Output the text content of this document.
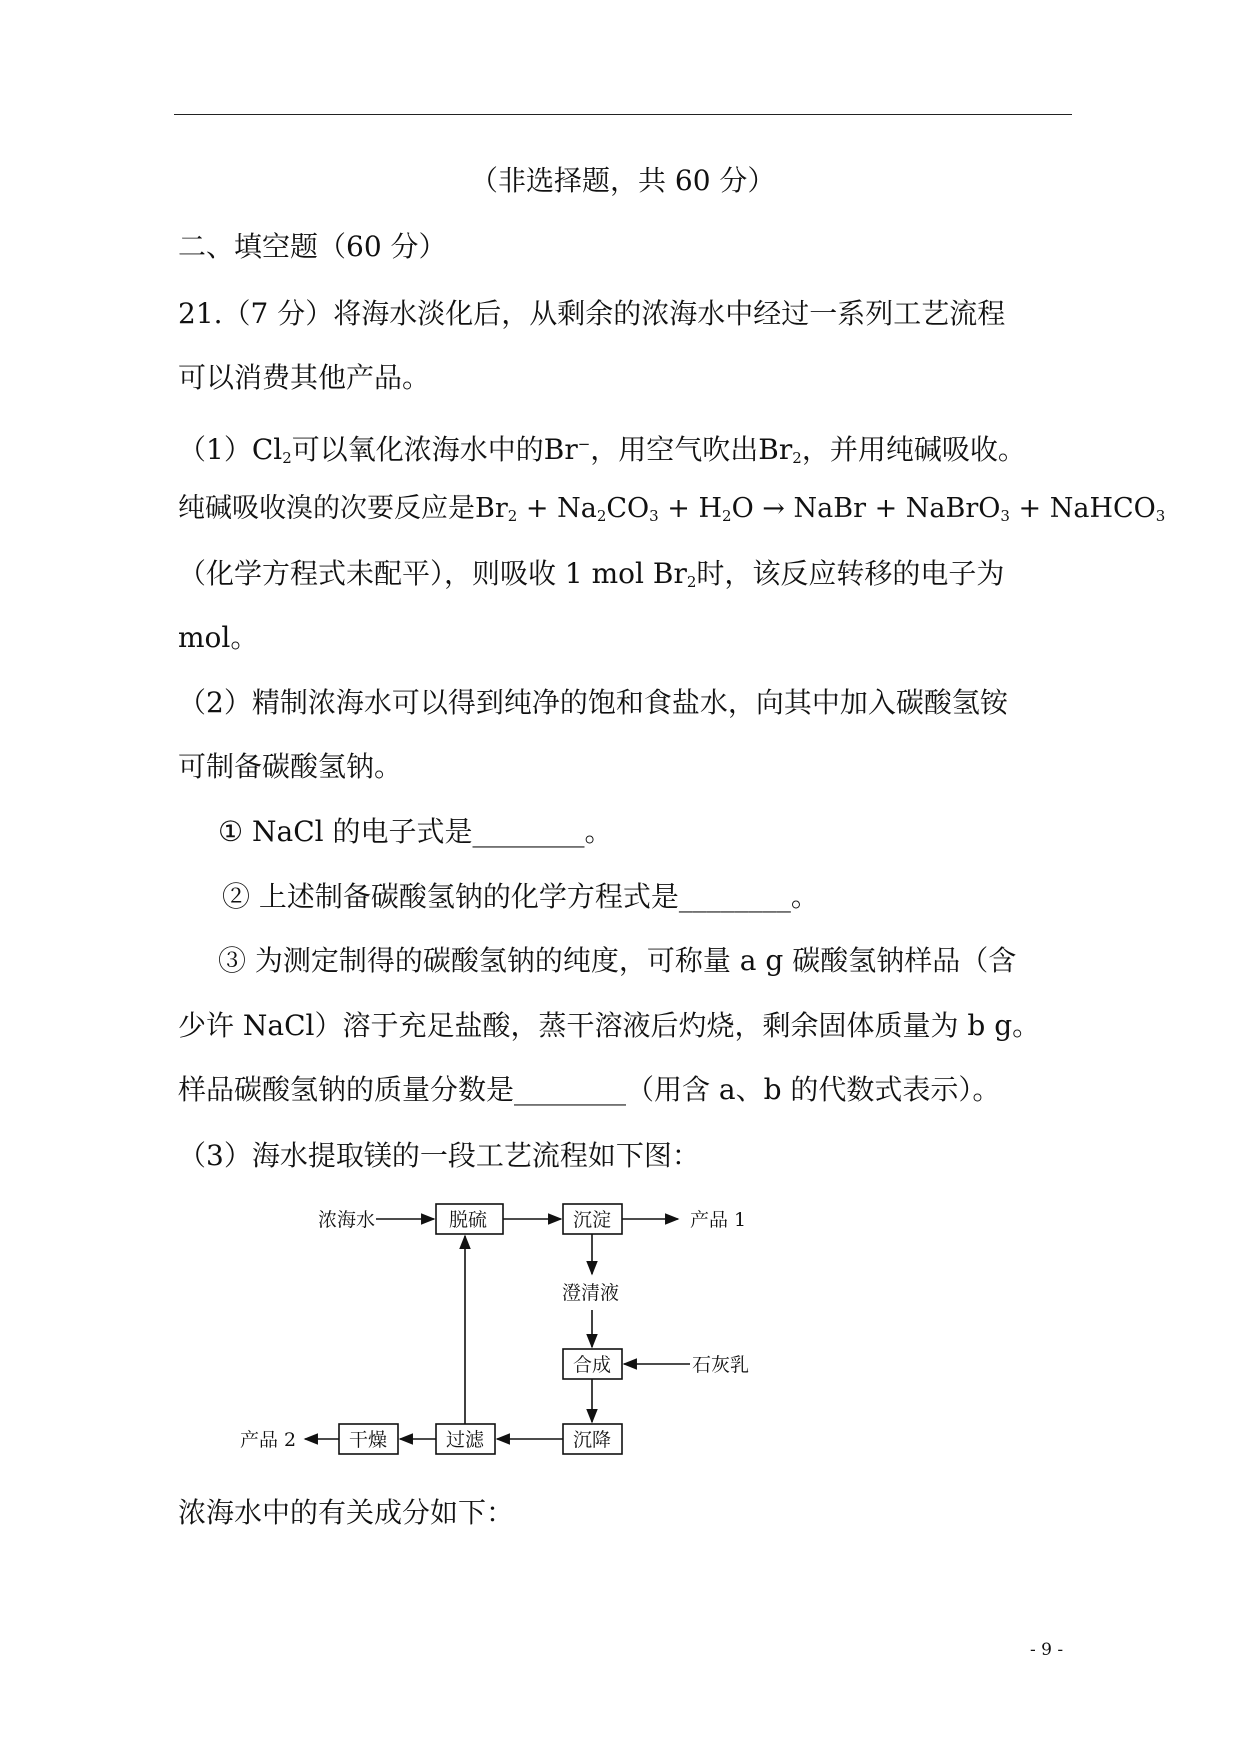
（非选择题，共 60 分）
二、填空题（60 分）
21.（7 分）将海水淡化后，从剩余的浓海水中经过一系列工艺流程
可以消费其他产品。
$(1)Cl_2$可以氧化浓海水中的Br−，用空气吹出$Br_2$，并用纯碱吸收。
纯碱吸收溴的次要反应是$Br_2 + Na_2CO_3 + H_2O$ → NaBr + NaBrO$_3$ + NaHCO$_3$
（化学方程式未配平），则吸收 1 mol $Br_2$时，该反应转移的电子为
mol。
（2）精制浓海水可以得到纯净的饱和食盐水，向其中加入碳酸氢铵
可制备碳酸氢钠。
① NaCl 的电子式是________。
② 上述制备碳酸氢钠的化学方程式是________。
③ 为测定制得的碳酸氢钠的纯度，可称量 a g 碳酸氢钠样品（含
少许 NaCl）溶于充足盐酸，蒸干溶液后灼烧，剩余固体质量为 b g。
样品碳酸氢钠的质量分数是________（用含 a、b 的代数式表示）。
（3）海水提取镁的一段工艺流程如下图：
浓海水	脱硫	沉淀	产品 1
澄清液
合成	石灰乳
沉降
过滤
干燥
产品 2
浓海水中的有关成分如下：
- 9 -
